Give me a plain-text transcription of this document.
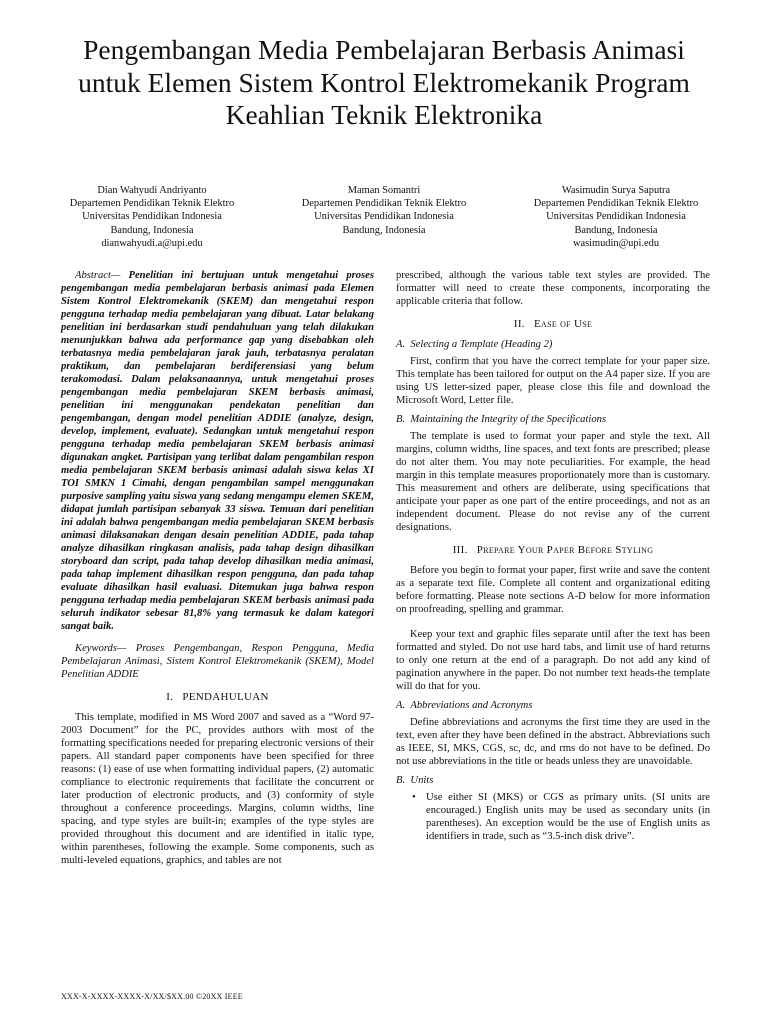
Pengembangan Media Pembelajaran Berbasis Animasi untuk Elemen Sistem Kontrol Elektromekanik Program Keahlian Teknik Elektronika
Dian Wahyudi Andriyanto
Departemen Pendidikan Teknik Elektro
Universitas Pendidikan Indonesia
Bandung, Indonesia
dianwahyudi.a@upi.edu
Maman Somantri
Departemen Pendidikan Teknik Elektro
Universitas Pendidikan Indonesia
Bandung, Indonesia
Wasimudin Surya Saputra
Departemen Pendidikan Teknik Elektro
Universitas Pendidikan Indonesia
Bandung, Indonesia
wasimudin@upi.edu

Abstract— Penelitian ini bertujuan untuk mengetahui proses pengembangan media pembelajaran berbasis animasi pada Elemen Sistem Kontrol Elektromekanik (SKEM) dan mengetahui respon pengguna terhadap media pembelajaran yang dibuat. Latar belakang penelitian ini berdasarkan studi pendahuluan yang telah dilakukan menunjukkan bahwa ada performance gap yang disebabkan oleh terbatasnya media pembelajaran jarak jauh, terbatasnya peralatan praktikum, dan pembelajaran berdiferensiasi yang belum terakomodasi. Dalam pelaksanaannya, untuk mengetahui proses pengembangan media pembelajaran SKEM berbasis animasi, penelitian ini menggunakan pendekatan penelitian dan pengembangan, dengan model penelitian ADDIE (analyze, design, develop, implement, evaluate). Sedangkan untuk mengetahui respon pengguna terhadap media pembelajaran SKEM berbasis animasi digunakan angket. Partisipan yang terlibat dalam pengambilan respon media pembelajaran SKEM berbasis animasi adalah siswa kelas XI TOI SMKN 1 Cimahi, dengan pengambilan sampel menggunakan purposive sampling yaitu siswa yang sedang mengampu elemen SKEM, didapat jumlah partisipan sebanyak 33 siswa. Temuan dari penelitian ini adalah bahwa pengembangan media pembelajaran SKEM berbasis animasi dilaksanakan dengan desain penelitian ADDIE, pada tahap analyze dihasilkan ringkasan analisis, pada tahap design dihasilkan storyboard dan script, pada tahap develop dihasilkan media animasi, pada tahap implement dihasilkan respon pengguna, dan pada tahap evaluate dihasilkan hasil evaluasi. Ditemukan juga bahwa respon pengguna terhadap media pembelajaran SKEM berbasis animasi pada seluruh indikator sebesar 81,8% yang termasuk ke dalam kategori sangat baik.

Keywords— Proses Pengembangan, Respon Pengguna, Media Pembelajaran Animasi, Sistem Kontrol Elektromekanik (SKEM), Model Penelitian ADDIE

I.   PENDAHULUAN

This template, modified in MS Word 2007 and saved as a “Word 97-2003 Document” for the PC, provides authors with most of the formatting specifications needed for preparing electronic versions of their papers. All standard paper components have been specified for three reasons: (1) ease of use when formatting individual papers, (2) automatic compliance to electronic requirements that facilitate the concurrent or later production of electronic products, and (3) conformity of style throughout a conference proceedings. Margins, column widths, line spacing, and type styles are built-in; examples of the type styles are provided throughout this document and are identified in italic type, within parentheses, following the example. Some components, such as multi-leveled equations, graphics, and tables are not

prescribed, although the various table text styles are provided. The formatter will need to create these components, incorporating the applicable criteria that follow.

II.   Ease of Use
A.  Selecting a Template (Heading 2)

First, confirm that you have the correct template for your paper size. This template has been tailored for output on the A4 paper size. If you are using US letter-sized paper, please close this file and download the Microsoft Word, Letter file.

B.  Maintaining the Integrity of the Specifications

The template is used to format your paper and style the text. All margins, column widths, line spaces, and text fonts are prescribed; please do not alter them. You may note peculiarities. For example, the head margin in this template measures proportionately more than is customary. This measurement and others are deliberate, using specifications that anticipate your paper as one part of the entire proceedings, and not as an independent document. Please do not revise any of the current designations.

III.   Prepare Your Paper Before Styling

Before you begin to format your paper, first write and save the content as a separate text file. Complete all content and organizational editing before formatting. Please note sections A-D below for more information on proofreading, spelling and grammar.

Keep your text and graphic files separate until after the text has been formatted and styled. Do not use hard tabs, and limit use of hard returns to only one return at the end of a paragraph. Do not add any kind of pagination anywhere in the paper. Do not number text heads-the template will do that for you.

A.  Abbreviations and Acronyms

Define abbreviations and acronyms the first time they are used in the text, even after they have been defined in the abstract. Abbreviations such as IEEE, SI, MKS, CGS, sc, dc, and rms do not have to be defined. Do not use abbreviations in the title or heads unless they are unavoidable.

B.  Units
• Use either SI (MKS) or CGS as primary units. (SI units are encouraged.) English units may be used as secondary units (in parentheses). An exception would be the use of English units as identifiers in trade, such as “3.5-inch disk drive”.
XXX-X-XXXX-XXXX-X/XX/$XX.00 ©20XX IEEE
